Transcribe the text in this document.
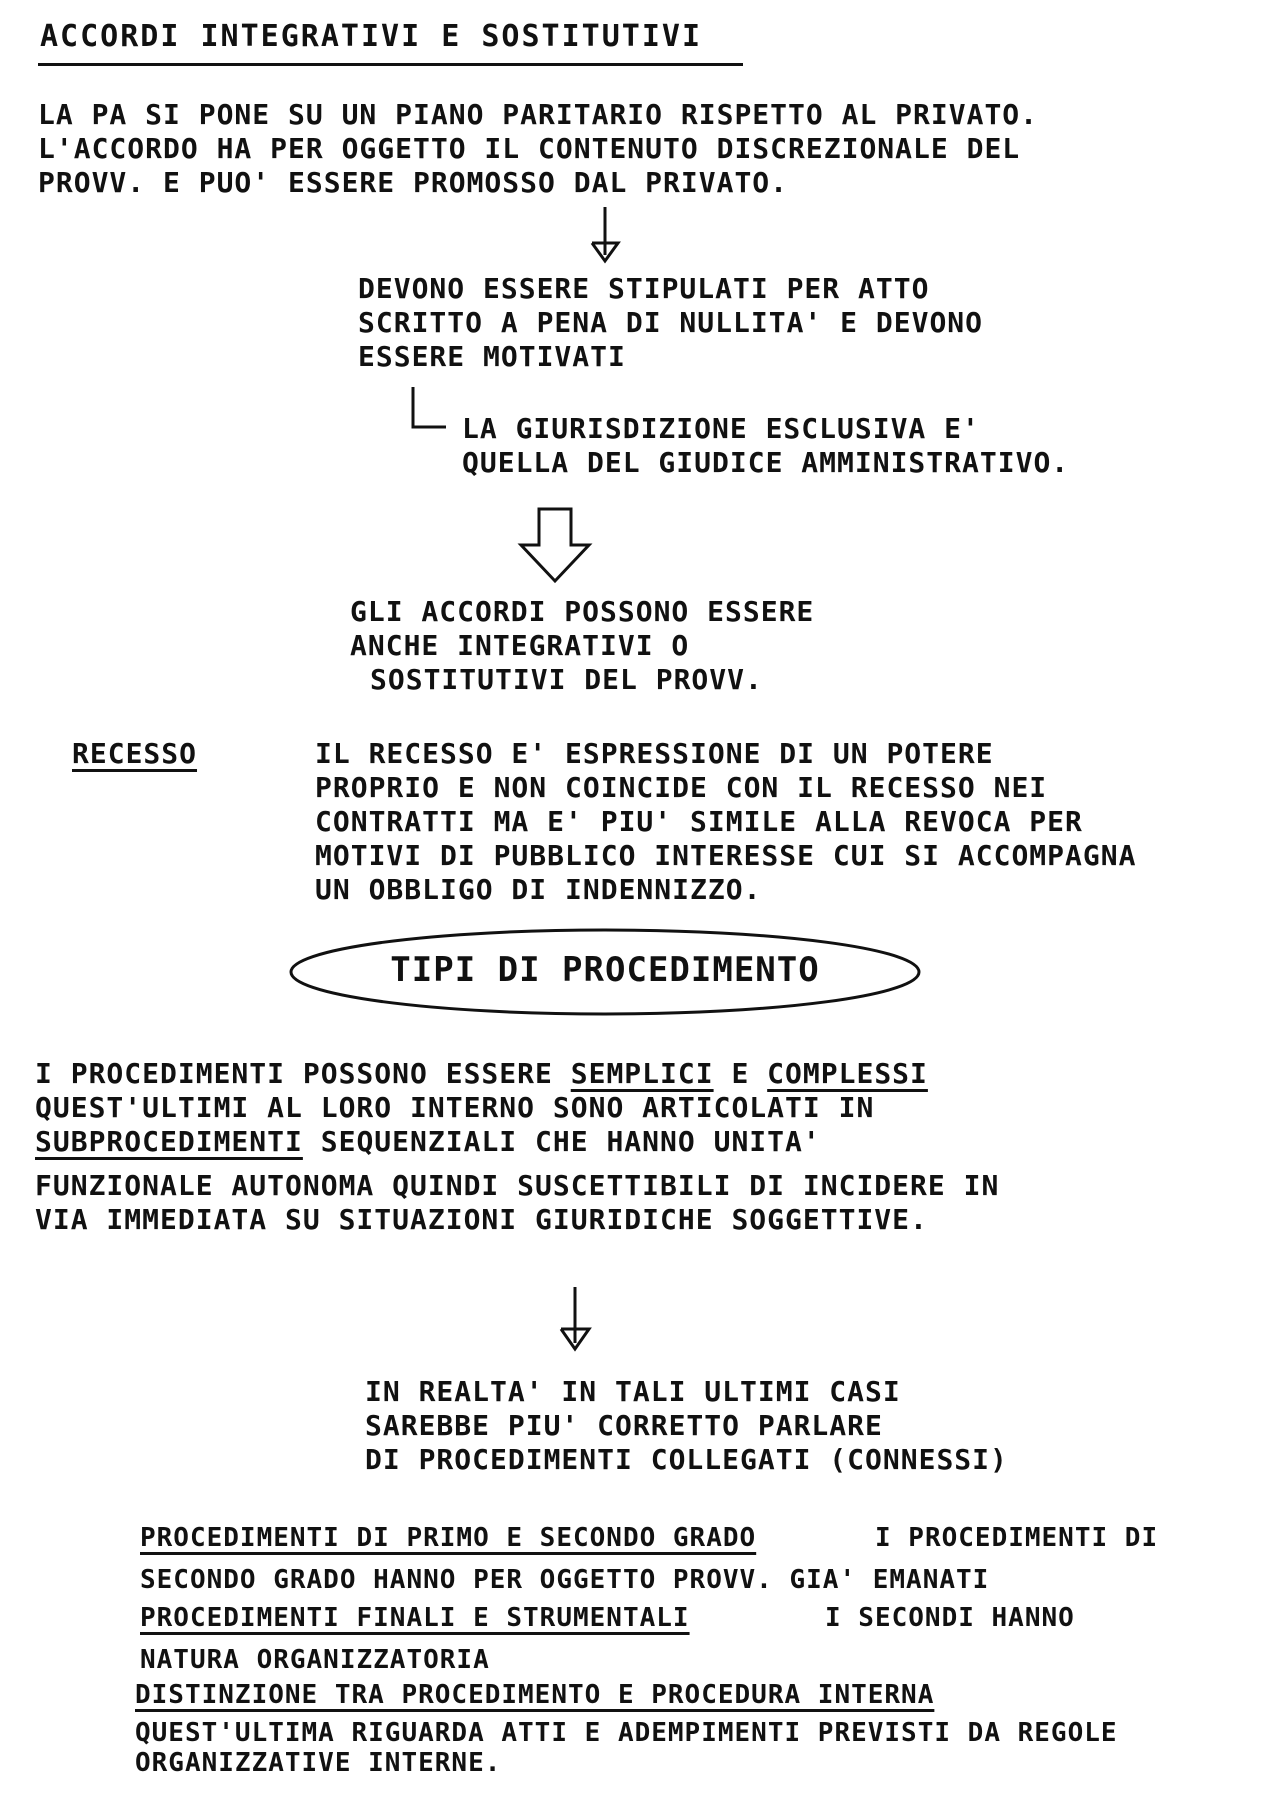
ACCORDI INTEGRATIVI E SOSTITUTIVI
LA PA SI PONE SU UN PIANO PARITARIO RISPETTO AL PRIVATO.
L'ACCORDO HA PER OGGETTO IL CONTENUTO DISCREZIONALE DEL
PROVV. E PUO' ESSERE PROMOSSO DAL PRIVATO.
DEVONO ESSERE STIPULATI PER ATTO
SCRITTO A PENA DI NULLITA' E DEVONO
ESSERE MOTIVATI
LA GIURISDIZIONE ESCLUSIVA E'
QUELLA DEL GIUDICE AMMINISTRATIVO.
GLI ACCORDI POSSONO ESSERE
ANCHE INTEGRATIVI O
SOSTITUTIVI DEL PROVV.
RECESSO	IL RECESSO E' ESPRESSIONE DI UN POTERE
PROPRIO E NON COINCIDE CON IL RECESSO NEI
CONTRATTI MA E' PIU' SIMILE ALLA REVOCA PER
MOTIVI DI PUBBLICO INTERESSE CUI SI ACCOMPAGNA
UN OBBLIGO DI INDENNIZZO.
TIPI DI PROCEDIMENTO
I PROCEDIMENTI POSSONO ESSERE SEMPLICI E COMPLESSI
QUEST'ULTIMI AL LORO INTERNO SONO ARTICOLATI IN
SUBPROCEDIMENTI SEQUENZIALI CHE HANNO UNITA'
FUNZIONALE AUTONOMA QUINDI SUSCETTIBILI DI INCIDERE IN
VIA IMMEDIATA SU SITUAZIONI GIURIDICHE SOGGETTIVE.
IN REALTA' IN TALI ULTIMI CASI
SAREBBE PIU' CORRETTO PARLARE
DI PROCEDIMENTI COLLEGATI (CONNESSI)
PROCEDIMENTI DI PRIMO E SECONDO GRADO	I PROCEDIMENTI DI
SECONDO GRADO HANNO PER OGGETTO PROVV. GIA' EMANATI
PROCEDIMENTI FINALI E STRUMENTALI	I SECONDI HANNO
NATURA ORGANIZZATORIA
DISTINZIONE TRA PROCEDIMENTO E PROCEDURA INTERNA
QUEST'ULTIMA RIGUARDA ATTI E ADEMPIMENTI PREVISTI DA REGOLE
ORGANIZZATIVE INTERNE.
